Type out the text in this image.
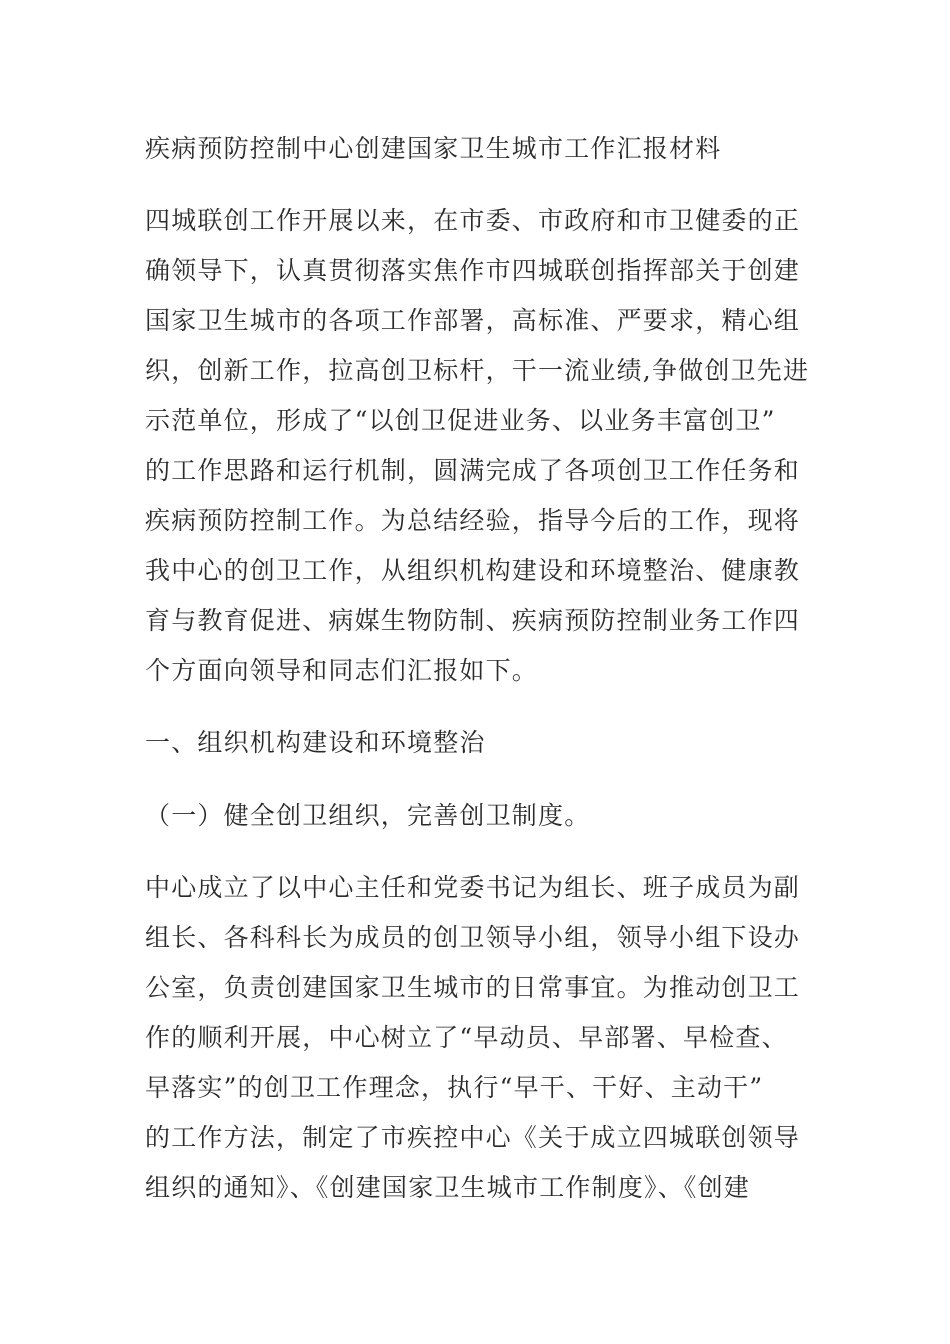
疾病预防控制中心创建国家卫生城市工作汇报材料
四城联创工作开展以来，在市委、市政府和市卫健委的正
确领导下，认真贯彻落实焦作市四城联创指挥部关于创建
国家卫生城市的各项工作部署，高标准、严要求，精心组
织，创新工作，拉高创卫标杆，干一流业绩,争做创卫先进
示范单位，形成了“以创卫促进业务、以业务丰富创卫”
的工作思路和运行机制，圆满完成了各项创卫工作任务和
疾病预防控制工作。为总结经验，指导今后的工作，现将
我中心的创卫工作，从组织机构建设和环境整治、健康教
育与教育促进、病媒生物防制、疾病预防控制业务工作四
个方面向领导和同志们汇报如下。
一、组织机构建设和环境整治
（一）健全创卫组织，完善创卫制度。
中心成立了以中心主任和党委书记为组长、班子成员为副
组长、各科科长为成员的创卫领导小组，领导小组下设办
公室，负责创建国家卫生城市的日常事宜。为推动创卫工
作的顺利开展，中心树立了“早动员、早部署、早检查、
早落实”的创卫工作理念，执行“早干、干好、主动干”
的工作方法，制定了市疾控中心《关于成立四城联创领导
组织的通知》、《创建国家卫生城市工作制度》、《创建
